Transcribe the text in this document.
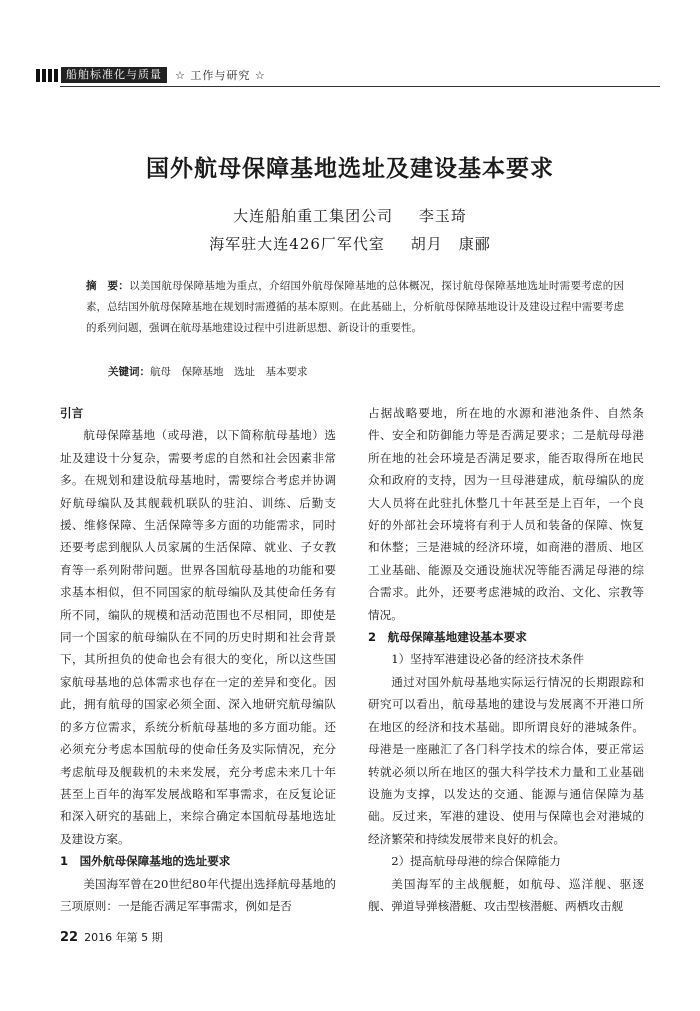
船舶标准化与质量	☆ 工作与研究 ☆
国外航母保障基地选址及建设基本要求
大连船舶重工集团公司 李玉琦
海军驻大连426厂军代室 胡月　康郦
摘　要：以美国航母保障基地为重点，介绍国外航母保障基地的总体概况，探讨航母保障基地选址时需要考虑的因素，总结国外航母保障基地在规划时需遵循的基本原则。在此基础上，分析航母保障基地设计及建设过程中需要考虑的系列问题，强调在航母基地建设过程中引进新思想、新设计的重要性。
关键词：航母　保障基地　选址　基本要求

引言

航母保障基地（或母港，以下简称航母基地）选址及建设十分复杂，需要考虑的自然和社会因素非常多。在规划和建设航母基地时，需要综合考虑并协调好航母编队及其舰载机联队的驻泊、训练、后勤支援、维修保障、生活保障等多方面的功能需求，同时还要考虑到舰队人员家属的生活保障、就业、子女教育等一系列附带问题。世界各国航母基地的功能和要求基本相似，但不同国家的航母编队及其使命任务有所不同，编队的规模和活动范围也不尽相同，即使是同一个国家的航母编队在不同的历史时期和社会背景下，其所担负的使命也会有很大的变化，所以这些国家航母基地的总体需求也存在一定的差异和变化。因此，拥有航母的国家必须全面、深入地研究航母编队的多方位需求，系统分析航母基地的多方面功能。还必须充分考虑本国航母的使命任务及实际情况，充分考虑航母及舰载机的未来发展，充分考虑未来几十年甚至上百年的海军发展战略和军事需求，在反复论证和深入研究的基础上，来综合确定本国航母基地选址及建设方案。

1　国外航母保障基地的选址要求

美国海军曾在20世纪80年代提出选择航母基地的三项原则：一是能否满足军事需求，例如是否

占据战略要地，所在地的水源和港池条件、自然条件、安全和防御能力等是否满足要求；二是航母母港所在地的社会环境是否满足要求，能否取得所在地民众和政府的支持，因为一旦母港建成，航母编队的庞大人员将在此驻扎休整几十年甚至是上百年，一个良好的外部社会环境将有利于人员和装备的保障、恢复和休整；三是港城的经济环境，如商港的潜质、地区工业基础、能源及交通设施状况等能否满足母港的综合需求。此外，还要考虑港城的政治、文化、宗教等情况。

2　航母保障基地建设基本要求

1）坚持军港建设必备的经济技术条件

通过对国外航母基地实际运行情况的长期跟踪和研究可以看出，航母基地的建设与发展离不开港口所在地区的经济和技术基础。即所谓良好的港城条件。母港是一座融汇了各门科学技术的综合体，要正常运转就必须以所在地区的强大科学技术力量和工业基础设施为支撑，以发达的交通、能源与通信保障为基础。反过来，军港的建设、使用与保障也会对港城的经济繁荣和持续发展带来良好的机会。

2）提高航母母港的综合保障能力

美国海军的主战舰艇，如航母、巡洋舰、驱逐舰、弹道导弹核潜艇、攻击型核潜艇、两栖攻击舰

22 2016 年第 5 期
